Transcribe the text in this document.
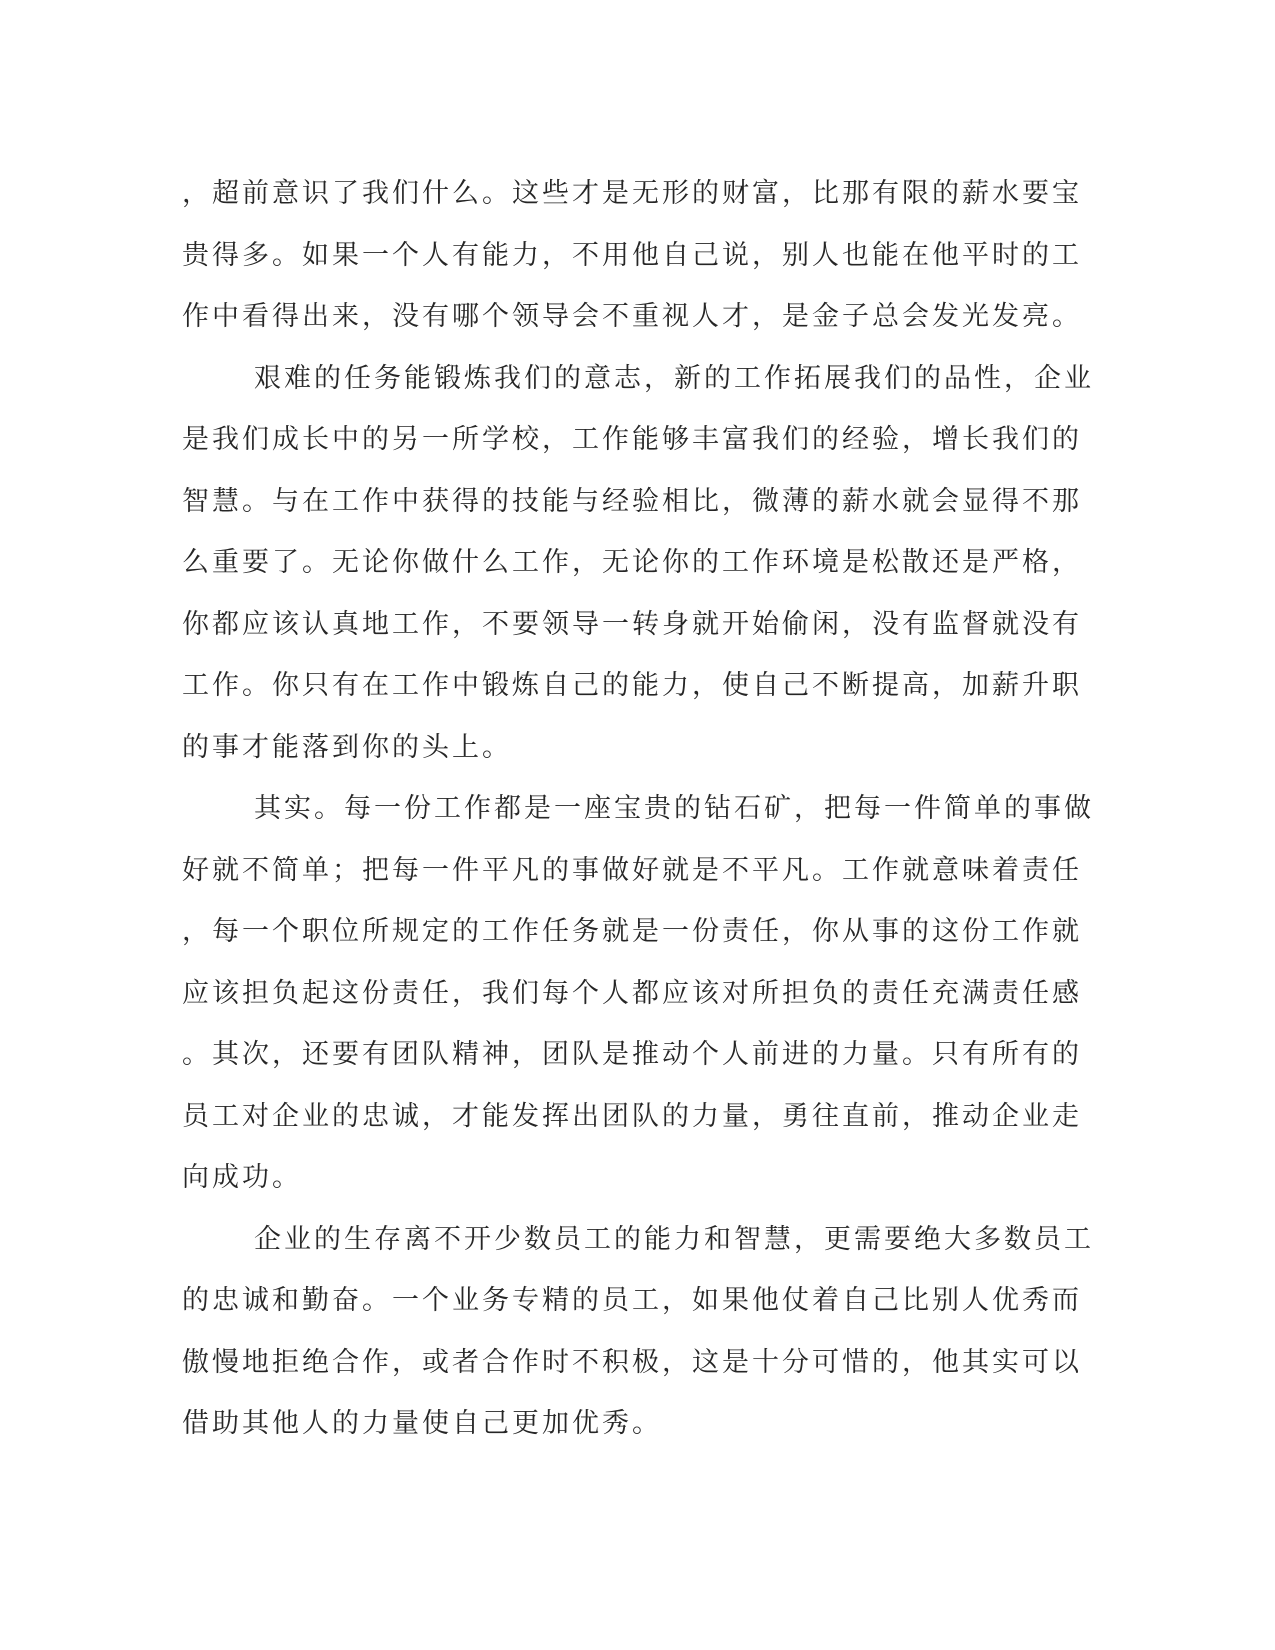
，超前意识了我们什么。这些才是无形的财富，比那有限的薪水要宝
贵得多。如果一个人有能力，不用他自己说，别人也能在他平时的工
作中看得出来，没有哪个领导会不重视人才，是金子总会发光发亮。
艰难的任务能锻炼我们的意志，新的工作拓展我们的品性，企业
是我们成长中的另一所学校，工作能够丰富我们的经验，增长我们的
智慧。与在工作中获得的技能与经验相比，微薄的薪水就会显得不那
么重要了。无论你做什么工作，无论你的工作环境是松散还是严格，
你都应该认真地工作，不要领导一转身就开始偷闲，没有监督就没有
工作。你只有在工作中锻炼自己的能力，使自己不断提高，加薪升职
的事才能落到你的头上。
其实。每一份工作都是一座宝贵的钻石矿，把每一件简单的事做
好就不简单；把每一件平凡的事做好就是不平凡。工作就意味着责任
，每一个职位所规定的工作任务就是一份责任，你从事的这份工作就
应该担负起这份责任，我们每个人都应该对所担负的责任充满责任感
。其次，还要有团队精神，团队是推动个人前进的力量。只有所有的
员工对企业的忠诚，才能发挥出团队的力量，勇往直前，推动企业走
向成功。
企业的生存离不开少数员工的能力和智慧，更需要绝大多数员工
的忠诚和勤奋。一个业务专精的员工，如果他仗着自己比别人优秀而
傲慢地拒绝合作，或者合作时不积极，这是十分可惜的，他其实可以
借助其他人的力量使自己更加优秀。
